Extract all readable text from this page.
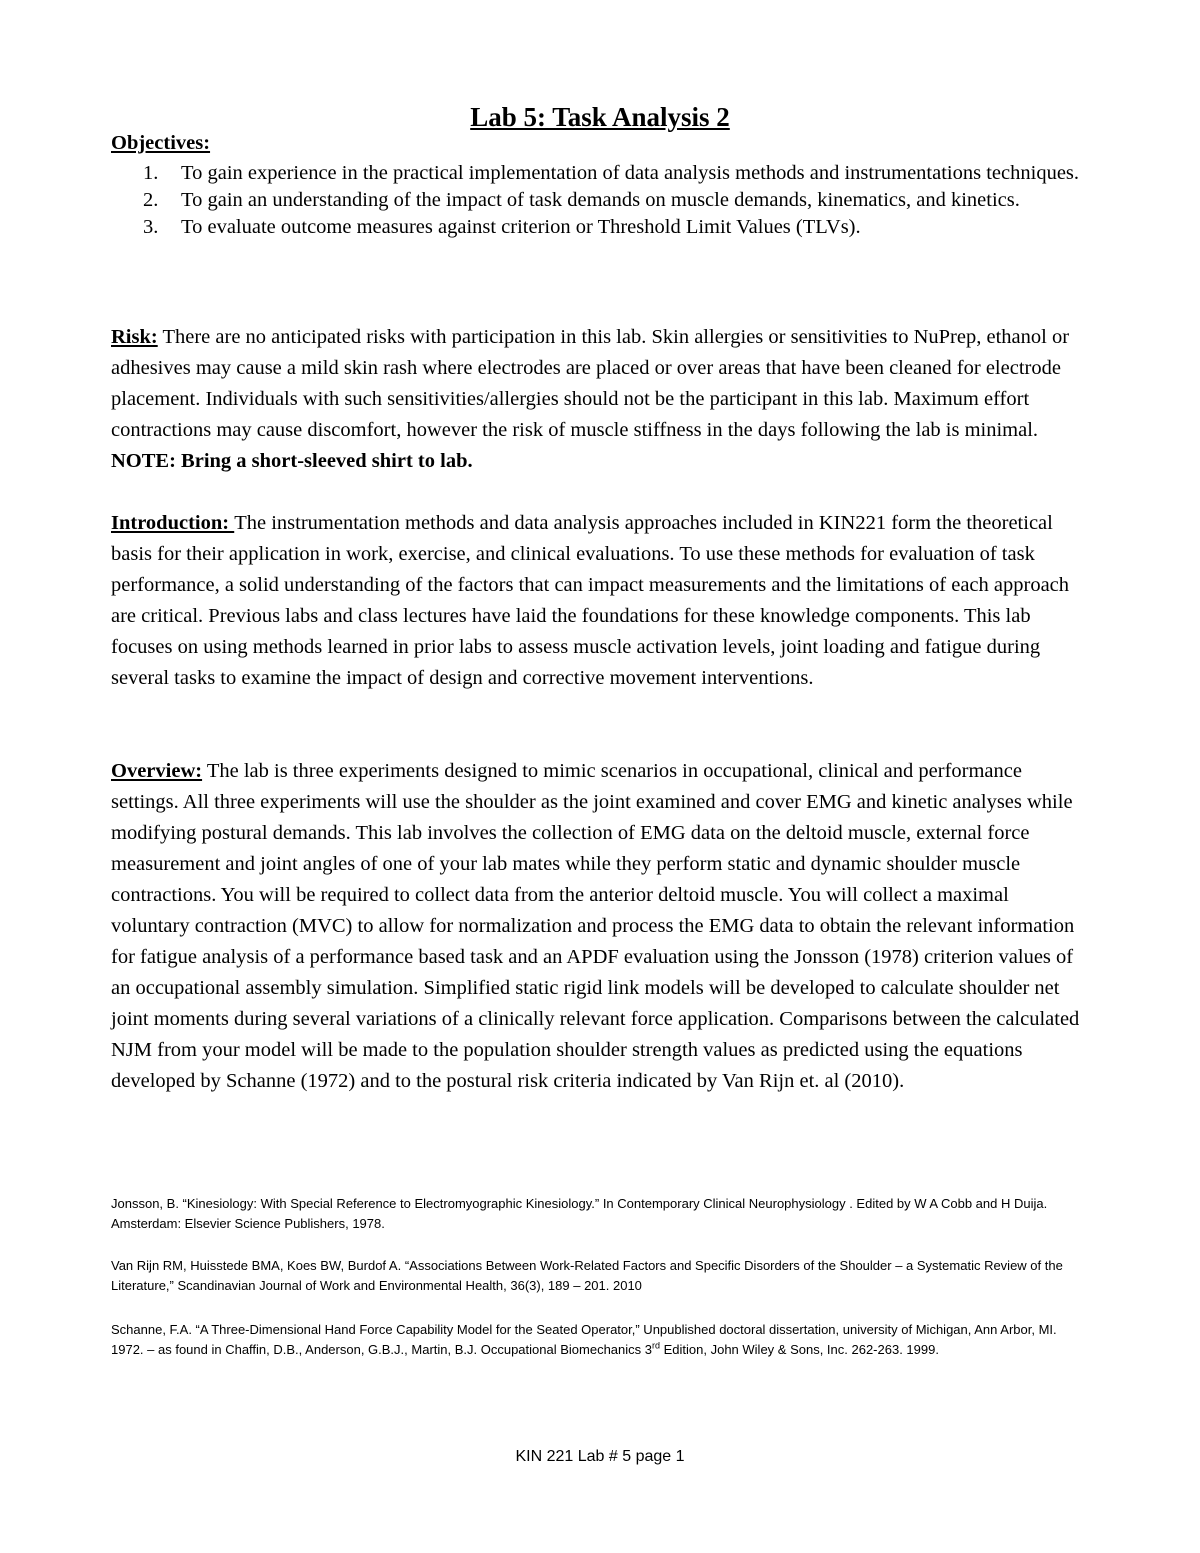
Lab 5: Task Analysis 2
Objectives:
1.	To gain experience in the practical implementation of data analysis methods and instrumentations techniques.
2.	To gain an understanding of the impact of task demands on muscle demands, kinematics, and kinetics.
3.	To evaluate outcome measures against criterion or Threshold Limit Values (TLVs).

Risk: There are no anticipated risks with participation in this lab. Skin allergies or sensitivities to NuPrep, ethanol or adhesives may cause a mild skin rash where electrodes are placed or over areas that have been cleaned for electrode placement. Individuals with such sensitivities/allergies should not be the participant in this lab. Maximum effort contractions may cause discomfort, however the risk of muscle stiffness in the days following the lab is minimal. NOTE: Bring a short-sleeved shirt to lab.

Introduction: The instrumentation methods and data analysis approaches included in KIN221 form the theoretical basis for their application in work, exercise, and clinical evaluations. To use these methods for evaluation of task performance, a solid understanding of the factors that can impact measurements and the limitations of each approach are critical. Previous labs and class lectures have laid the foundations for these knowledge components. This lab focuses on using methods learned in prior labs to assess muscle activation levels, joint loading and fatigue during several tasks to examine the impact of design and corrective movement interventions.

Overview: The lab is three experiments designed to mimic scenarios in occupational, clinical and performance settings. All three experiments will use the shoulder as the joint examined and cover EMG and kinetic analyses while modifying postural demands. This lab involves the collection of EMG data on the deltoid muscle, external force measurement and joint angles of one of your lab mates while they perform static and dynamic shoulder muscle contractions. You will be required to collect data from the anterior deltoid muscle. You will collect a maximal voluntary contraction (MVC) to allow for normalization and process the EMG data to obtain the relevant information for fatigue analysis of a performance based task and an APDF evaluation using the Jonsson (1978) criterion values of an occupational assembly simulation. Simplified static rigid link models will be developed to calculate shoulder net joint moments during several variations of a clinically relevant force application. Comparisons between the calculated NJM from your model will be made to the population shoulder strength values as predicted using the equations developed by Schanne (1972) and to the postural risk criteria indicated by Van Rijn et. al (2010).

Jonsson, B. “Kinesiology: With Special Reference to Electromyographic Kinesiology.” In Contemporary Clinical Neurophysiology . Edited by W A Cobb and H Duija. Amsterdam: Elsevier Science Publishers, 1978.

Van Rijn RM, Huisstede BMA, Koes BW, Burdof A. “Associations Between Work-Related Factors and Specific Disorders of the Shoulder – a Systematic Review of the Literature,” Scandinavian Journal of Work and Environmental Health, 36(3), 189 – 201. 2010

Schanne, F.A. “A Three-Dimensional Hand Force Capability Model for the Seated Operator,” Unpublished doctoral dissertation, university of Michigan, Ann Arbor, MI. 1972. – as found in Chaffin, D.B., Anderson, G.B.J., Martin, B.J. Occupational Biomechanics 3rd Edition, John Wiley & Sons, Inc. 262-263. 1999.

KIN 221 Lab # 5 page 1
